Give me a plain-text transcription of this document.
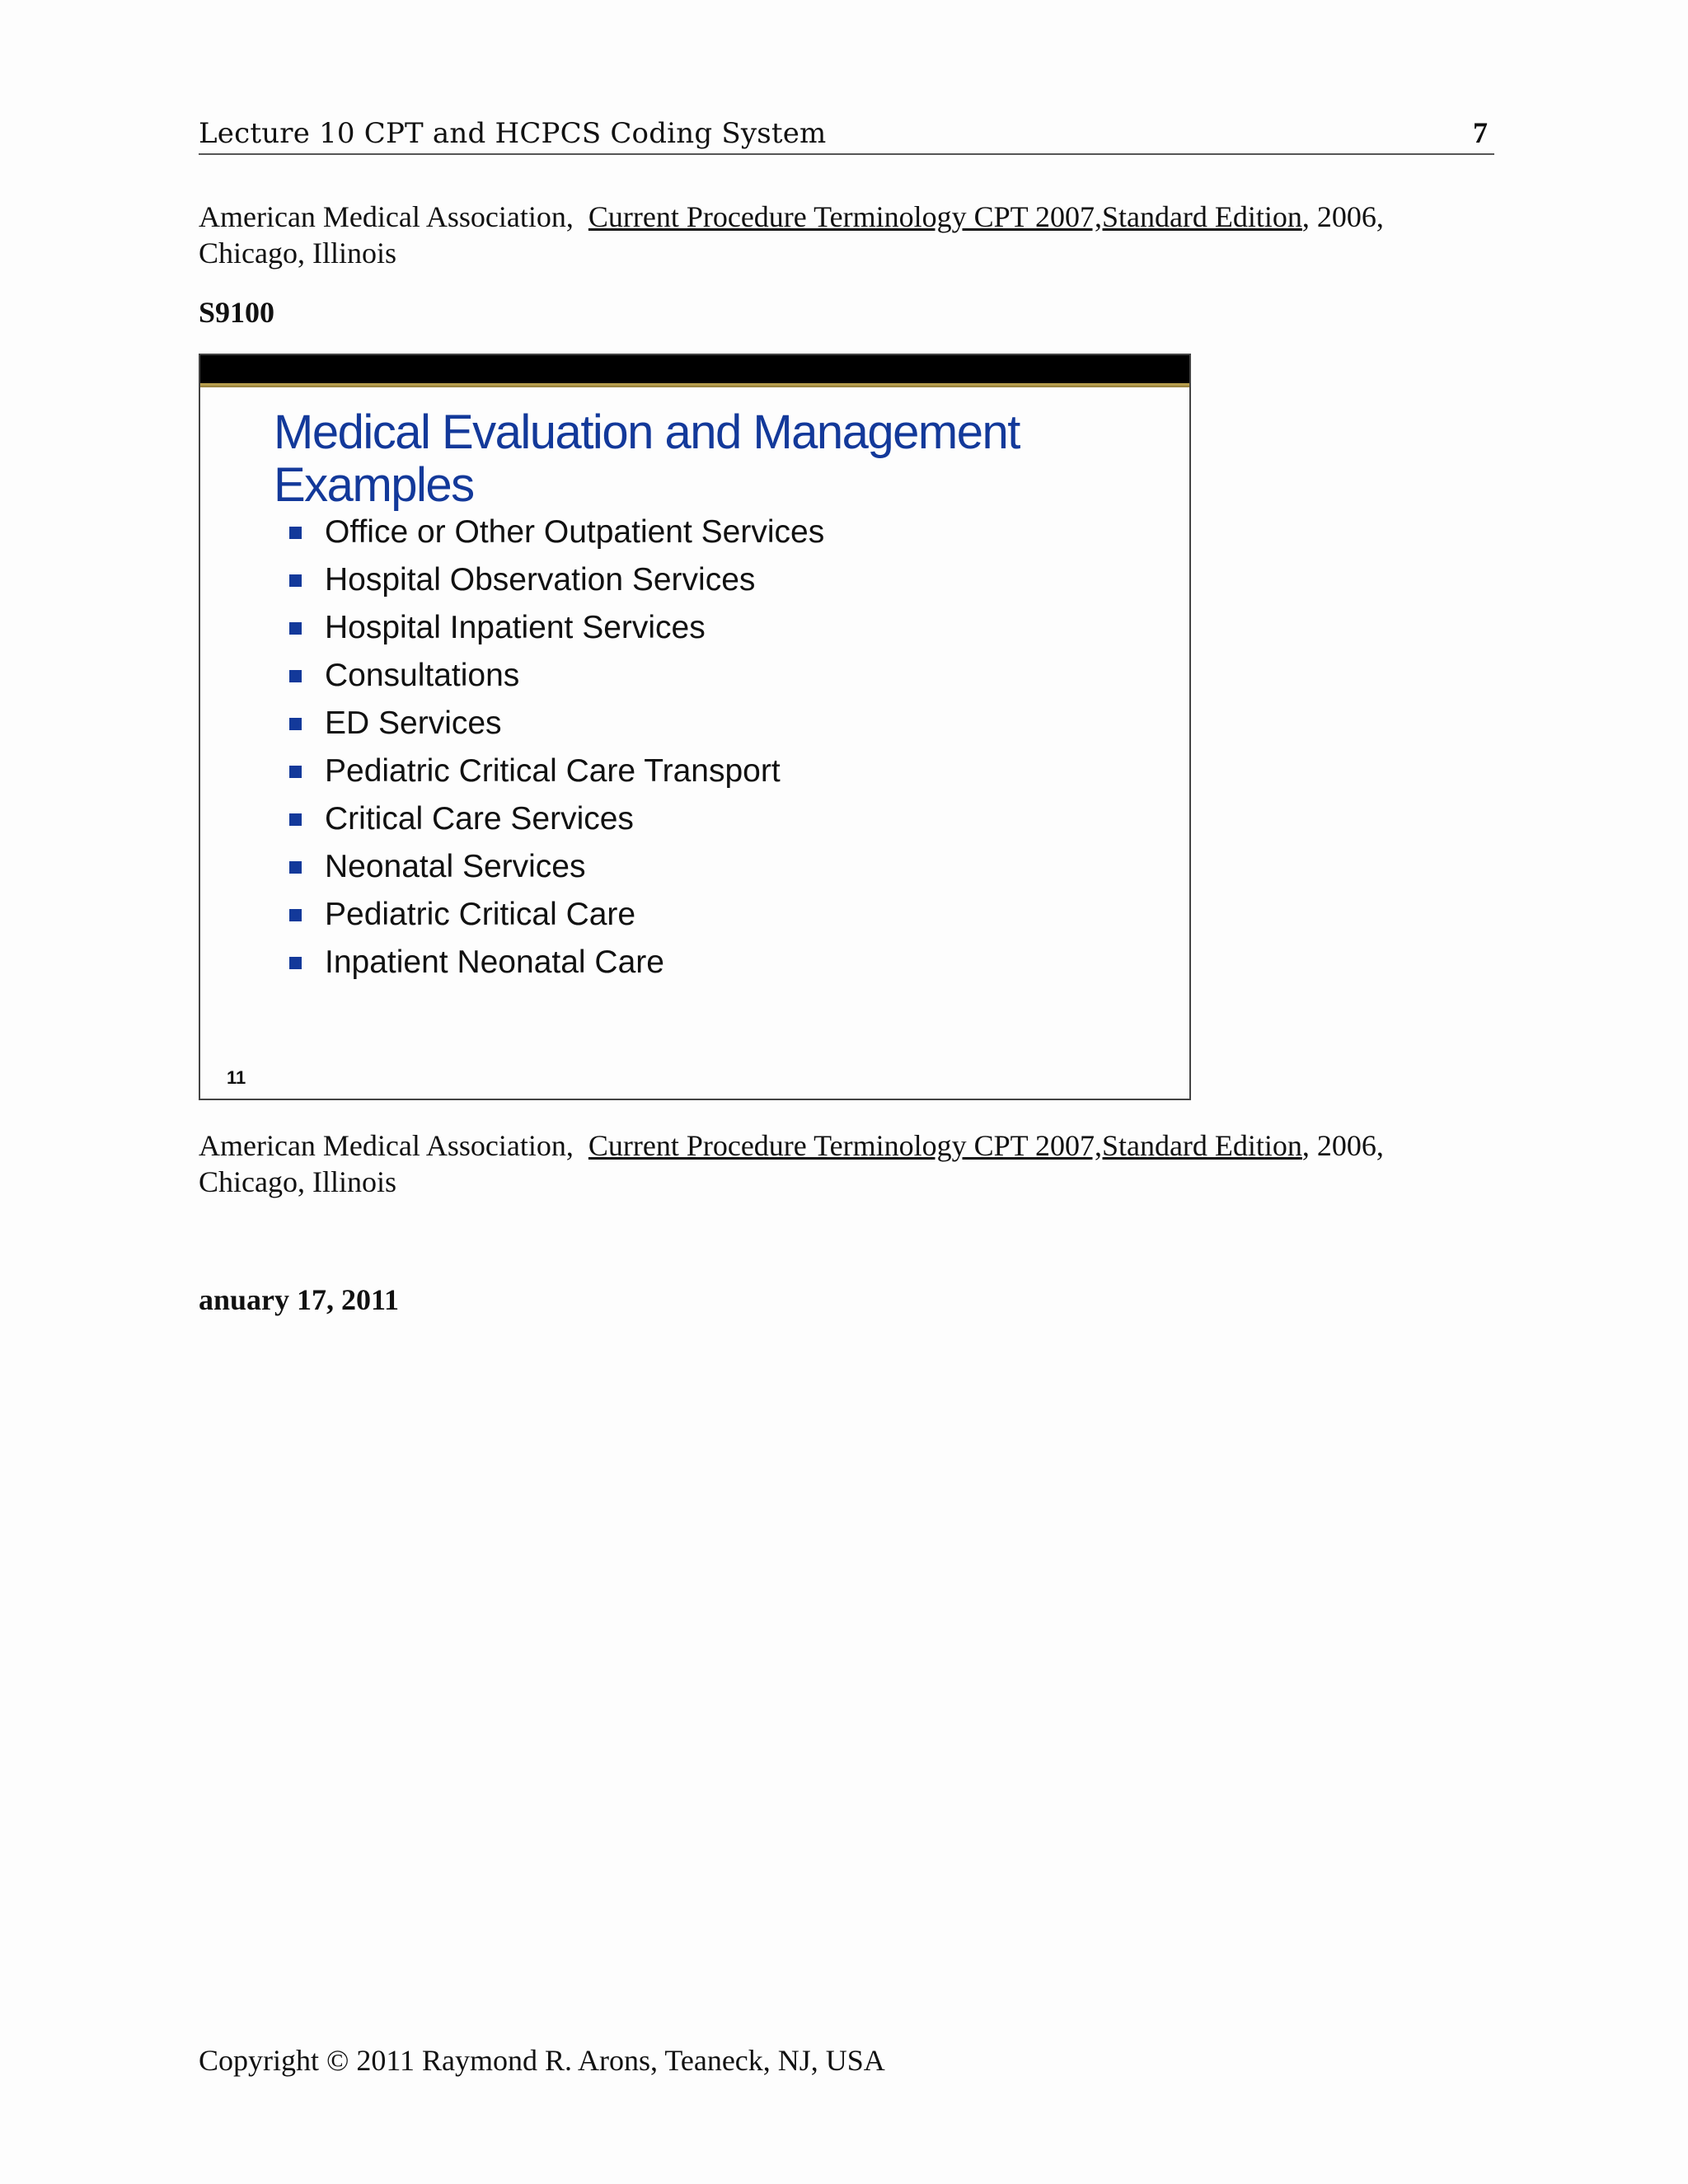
Lecture 10 CPT and HCPCS Coding System	7
American Medical Association, Current Procedure Terminology CPT 2007,Standard Edition, 2006,
Chicago, Illinois
S9100
Medical Evaluation and Management
Examples
Office or Other Outpatient Services
Hospital Observation Services
Hospital Inpatient Services
Consultations
ED Services
Pediatric Critical Care Transport
Critical Care Services
Neonatal Services
Pediatric Critical Care
Inpatient Neonatal Care
11
American Medical Association, Current Procedure Terminology CPT 2007,Standard Edition, 2006,
Chicago, Illinois
anuary 17, 2011
Copyright © 2011 Raymond R. Arons, Teaneck, NJ, USA
